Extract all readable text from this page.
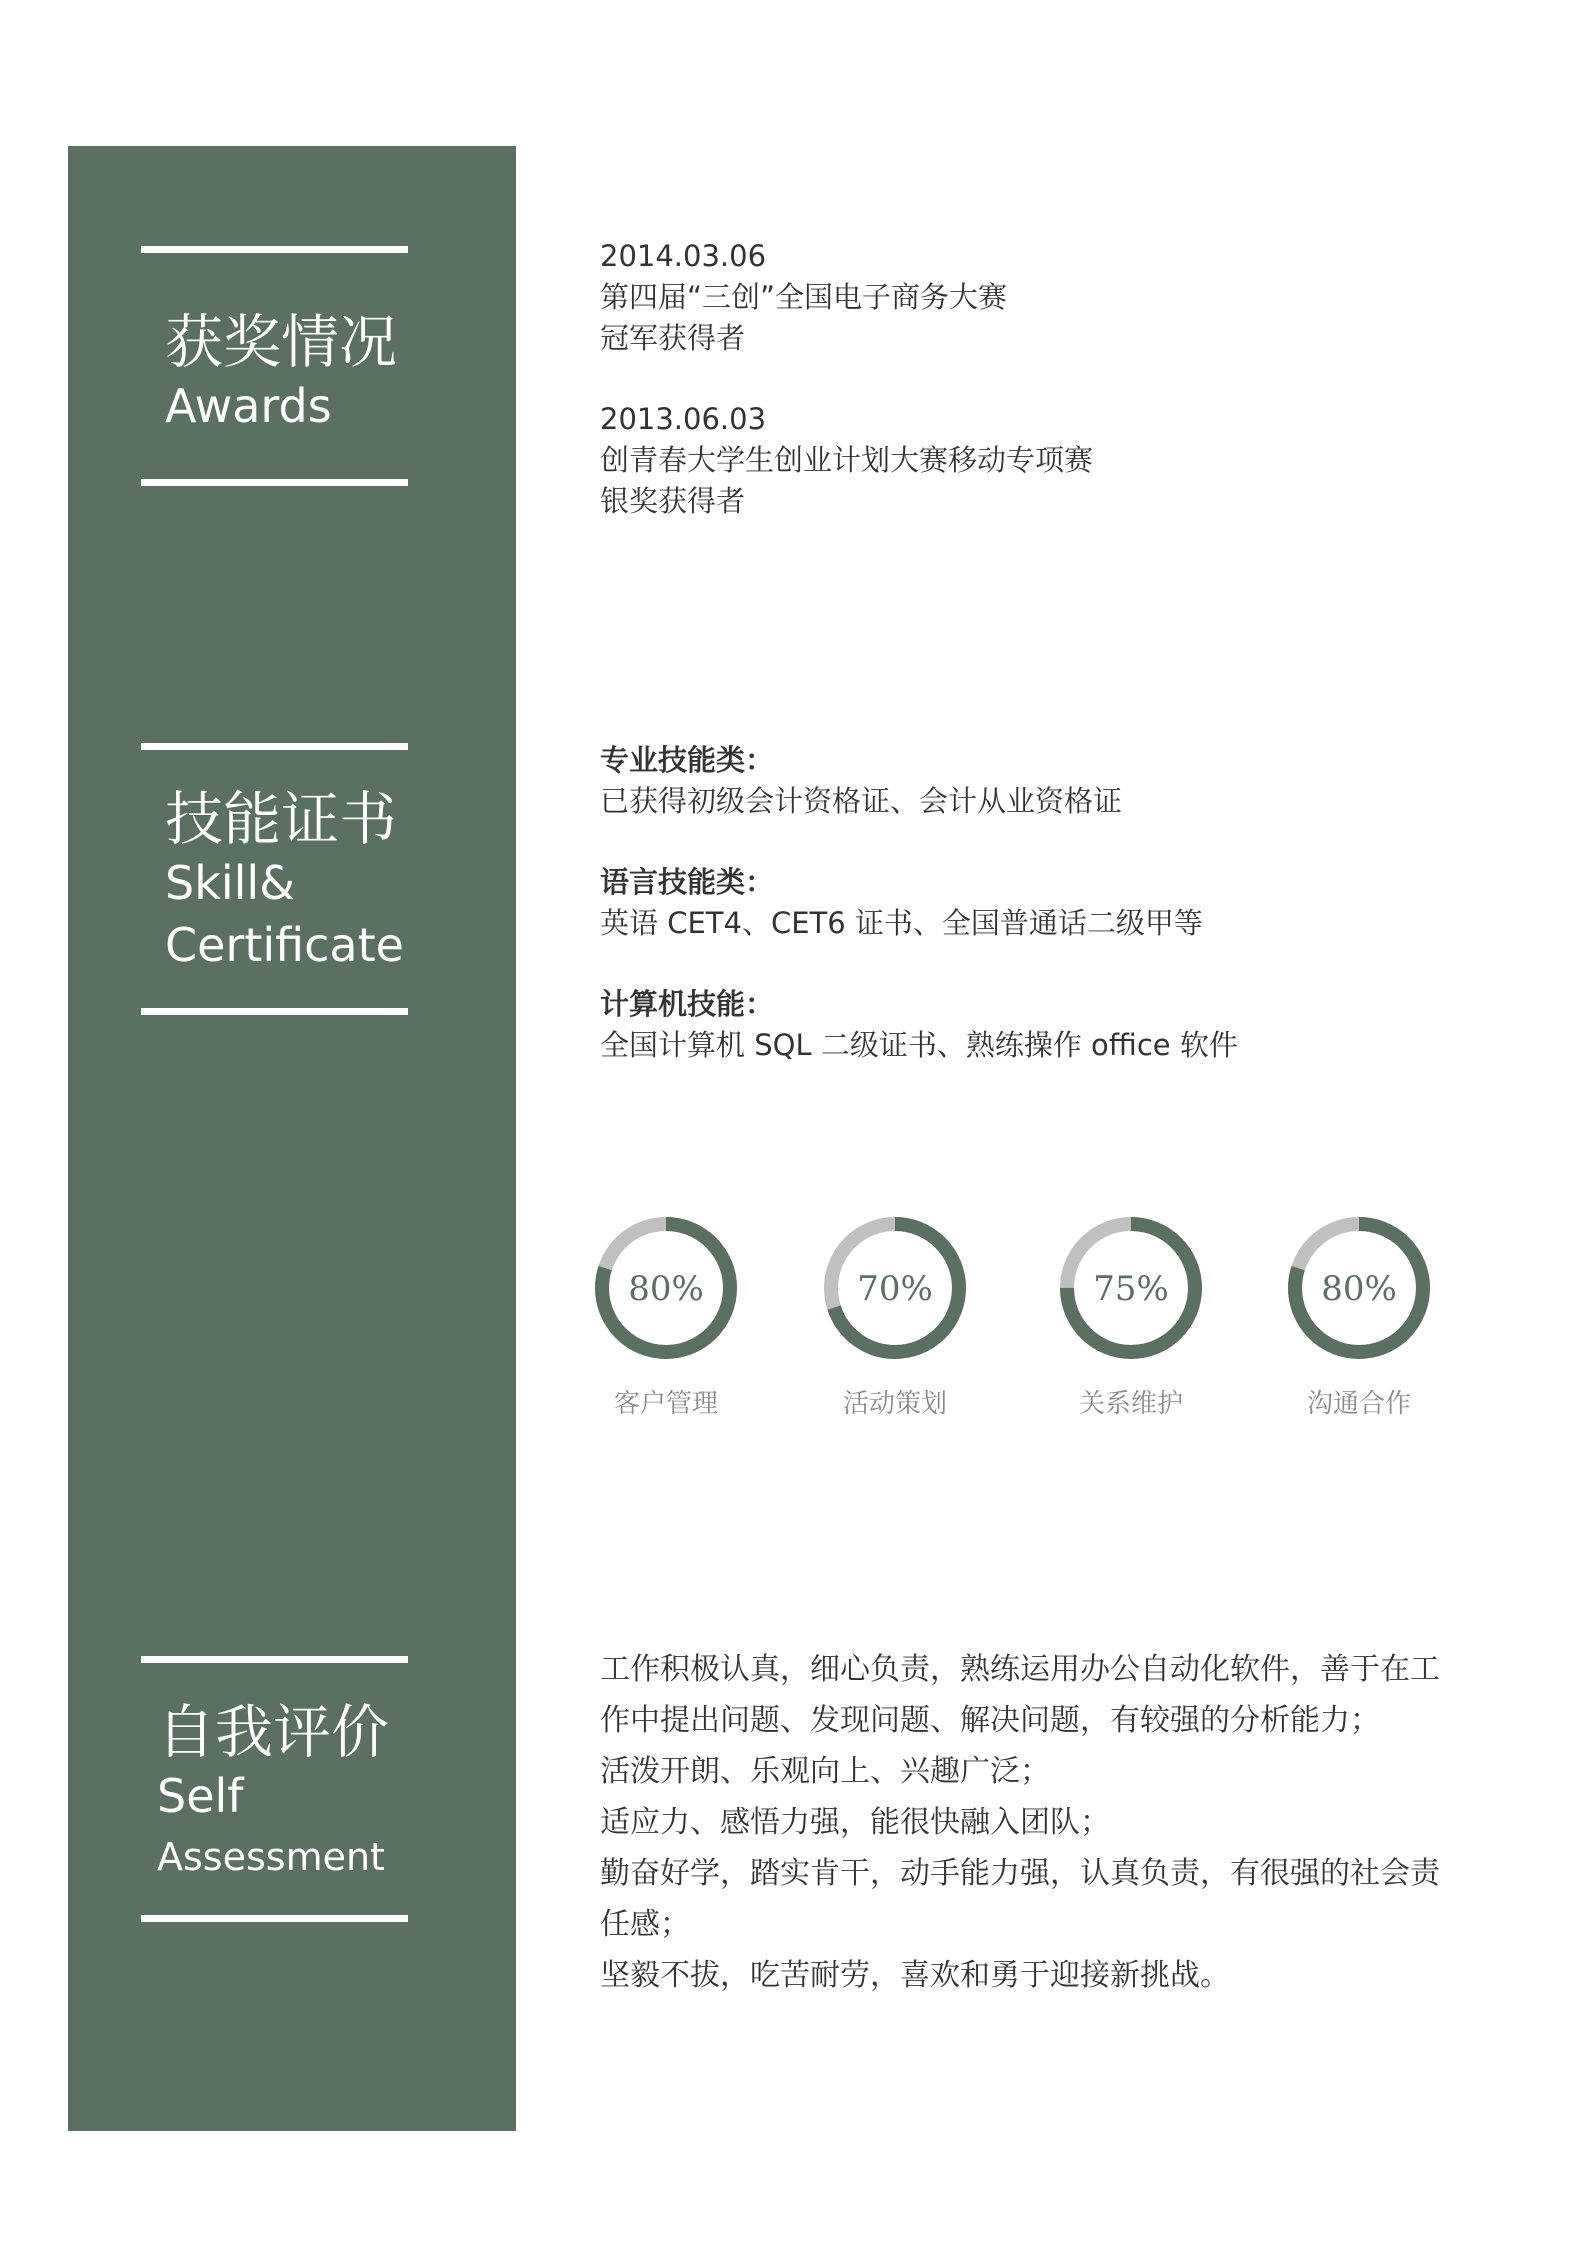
获奖情况
Awards
技能证书
Skill&
Certificate
自我评价
Self
Assessment
2014.03.06
第四届“三创”全国电子商务大赛
冠军获得者
2013.06.03
创青春大学生创业计划大赛移动专项赛
银奖获得者
专业技能类：
已获得初级会计资格证、会计从业资格证
语言技能类：
英语 CET4、CET6 证书、全国普通话二级甲等
计算机技能：
全国计算机 SQL 二级证书、熟练操作 office 软件
80%
客户管理
70%
活动策划
75%
关系维护
80%
沟通合作
工作积极认真，细心负责，熟练运用办公自动化软件，善于在工
作中提出问题、发现问题、解决问题，有较强的分析能力；
活泼开朗、乐观向上、兴趣广泛；
适应力、感悟力强，能很快融入团队；
勤奋好学，踏实肯干，动手能力强，认真负责，有很强的社会责
任感；
坚毅不拔，吃苦耐劳，喜欢和勇于迎接新挑战。
